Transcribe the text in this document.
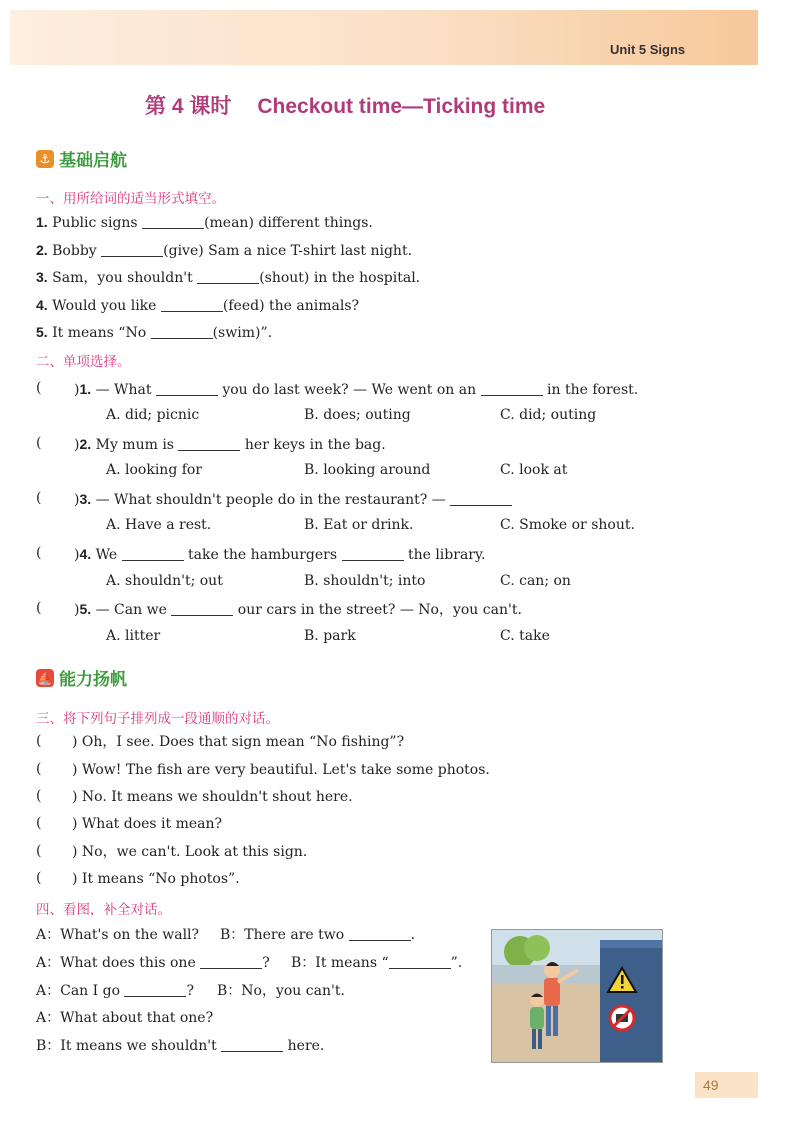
Unit 5 Signs
第 4 课时 Checkout time—Ticking time
⚓ 基础启航
一、用所给词的适当形式填空。
1. Public signs	(mean) different things.
2. Bobby	(give) Sam a nice T-shirt last night.
3. Sam，you shouldn't	(shout) in the hospital.
4. Would you like	(feed) the animals?
5. It means “No	(swim)”.
二、单项选择。
( )1. — What	you do last week? — We went on an	in the forest.
A. did; picnic	B. does; outing	C. did; outing
( )2. My mum is	her keys in the bag.
A. looking for	B. looking around	C. look at
( )3. — What shouldn't people do in the restaurant? —
A. Have a rest.	B. Eat or drink.	C. Smoke or shout.
( )4. We	take the hamburgers	the library.
A. shouldn't; out	B. shouldn't; into	C. can; on
( )5. — Can we	our cars in the street? — No，you can't.
A. litter	B. park	C. take
⛵ 能力扬帆
三、将下列句子排列成一段通顺的对话。
( ) Oh，I see. Does that sign mean “No fishing”?
( ) Wow! The fish are very beautiful. Let's take some photos.
( ) No. It means we shouldn't shout here.
( ) What does it mean?
( ) No，we can't. Look at this sign.
( ) It means “No photos”.
四、看图，补全对话。
A：What's on the wall? B：There are two	.
A：What does this one	? B：It means “	”.
A：Can I go	? B：No，you can't.
A：What about that one?
B：It means we shouldn't	here.
49
